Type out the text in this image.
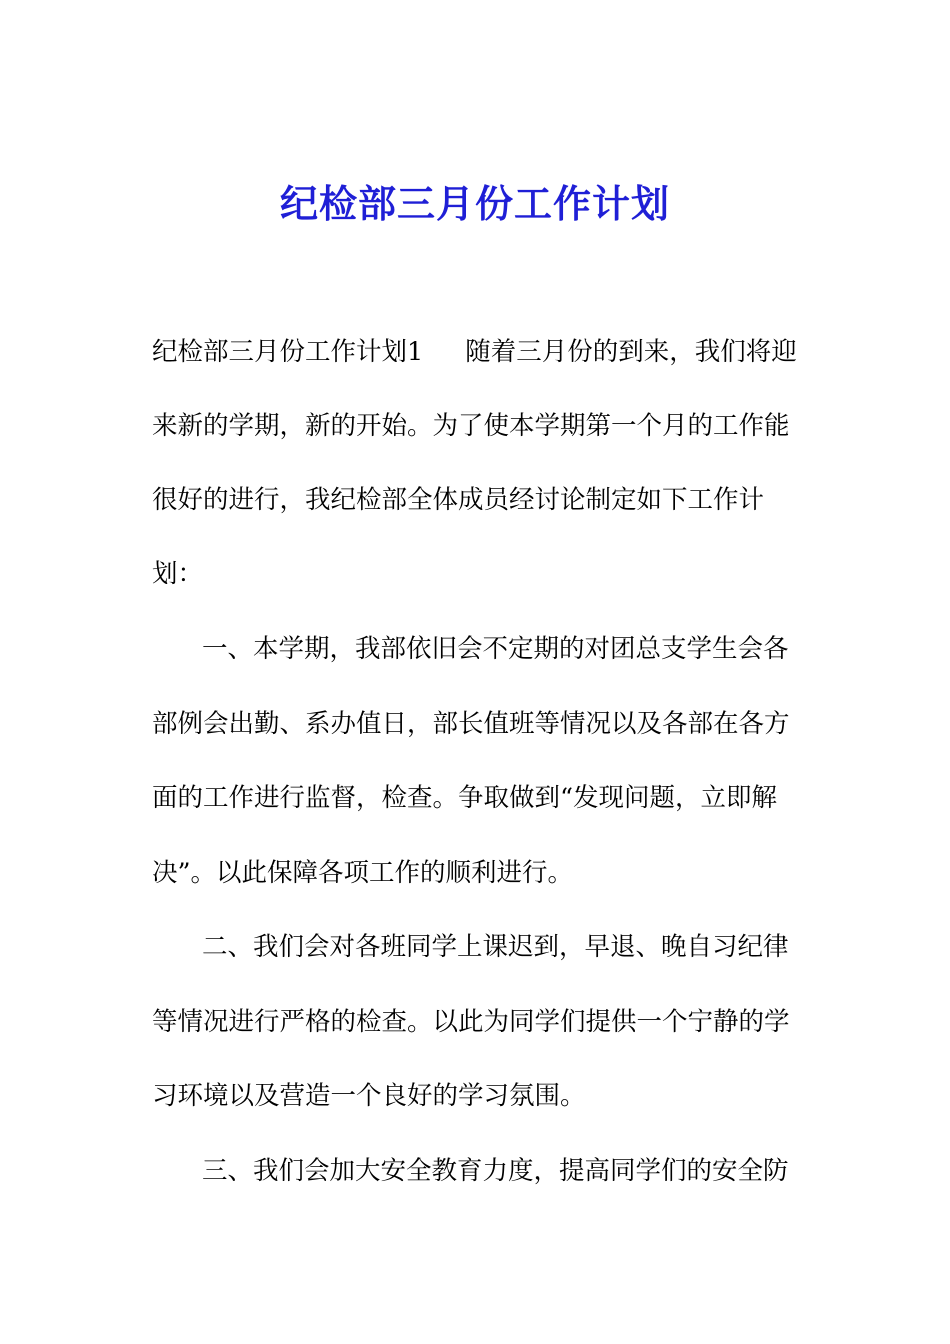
纪检部三月份工作计划
纪检部三月份工作计划1 随着三月份的到来，我们将迎
来新的学期，新的开始。为了使本学期第一个月的工作能
很好的进行，我纪检部全体成员经讨论制定如下工作计
划：
一、本学期，我部依旧会不定期的对团总支学生会各
部例会出勤、系办值日，部长值班等情况以及各部在各方
面的工作进行监督，检查。争取做到“发现问题，立即解
决”。以此保障各项工作的顺利进行。
二、我们会对各班同学上课迟到，早退、晚自习纪律
等情况进行严格的检查。以此为同学们提供一个宁静的学
习环境以及营造一个良好的学习氛围。
三、我们会加大安全教育力度，提高同学们的安全防
